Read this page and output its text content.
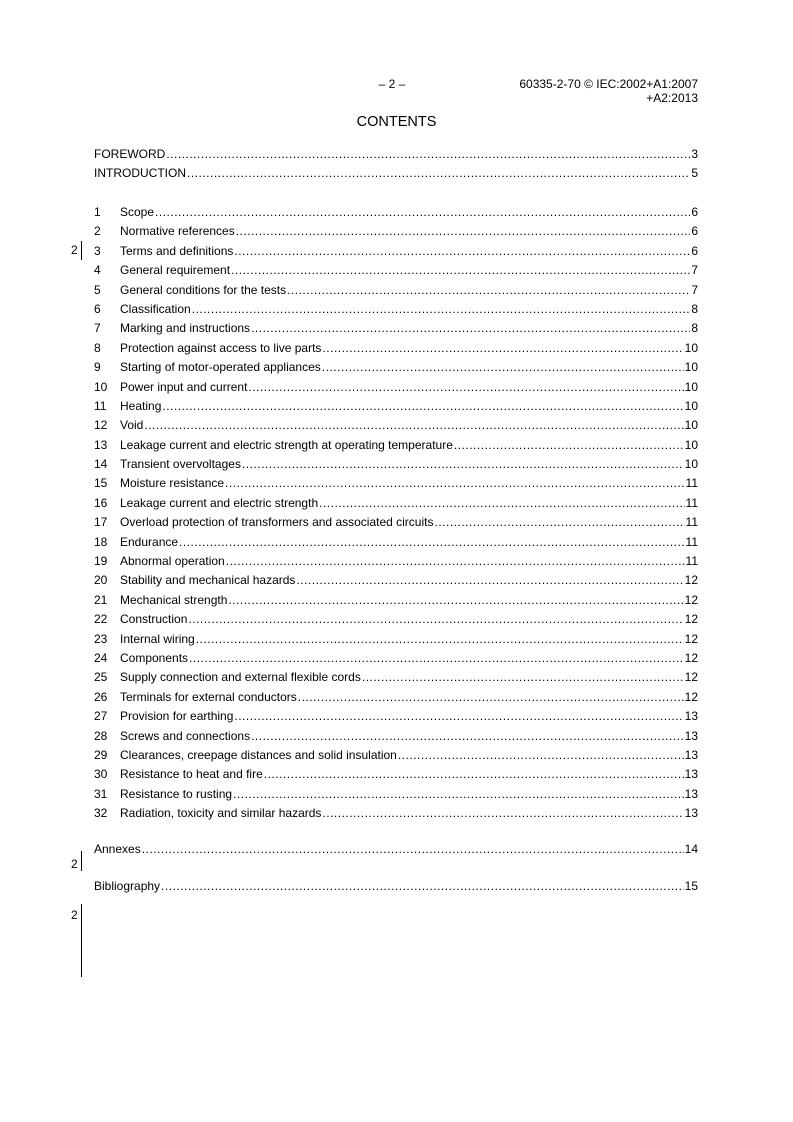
– 2 –	60335-2-70 © IEC:2002+A1:2007
+A2:2013
CONTENTS
FOREWORD .....	3
INTRODUCTION .....	5
1	Scope .....	6
2	Normative references .....	6
3	Terms and definitions .....	6
4	General requirement .....	7
5	General conditions for the tests .....	7
6	Classification .....	8
7	Marking and instructions .....	8
8	Protection against access to live parts .....	10
9	Starting of motor-operated appliances .....	10
10	Power input and current .....	10
11	Heating .....	10
12	Void .....	10
13	Leakage current and electric strength at operating temperature .....	10
14	Transient overvoltages .....	10
15	Moisture resistance .....	11
16	Leakage current and electric strength .....	11
17	Overload protection of transformers and associated circuits .....	11
18	Endurance .....	11
19	Abnormal operation .....	11
20	Stability and mechanical hazards .....	12
21	Mechanical strength .....	12
22	Construction .....	12
23	Internal wiring .....	12
24	Components .....	12
25	Supply connection and external flexible cords .....	12
26	Terminals for external conductors .....	12
27	Provision for earthing .....	13
28	Screws and connections .....	13
29	Clearances, creepage distances and solid insulation .....	13
30	Resistance to heat and fire .....	13
31	Resistance to rusting .....	13
32	Radiation, toxicity and similar hazards .....	13
Annexes .....	14
Bibliography .....	15
2
2
2
